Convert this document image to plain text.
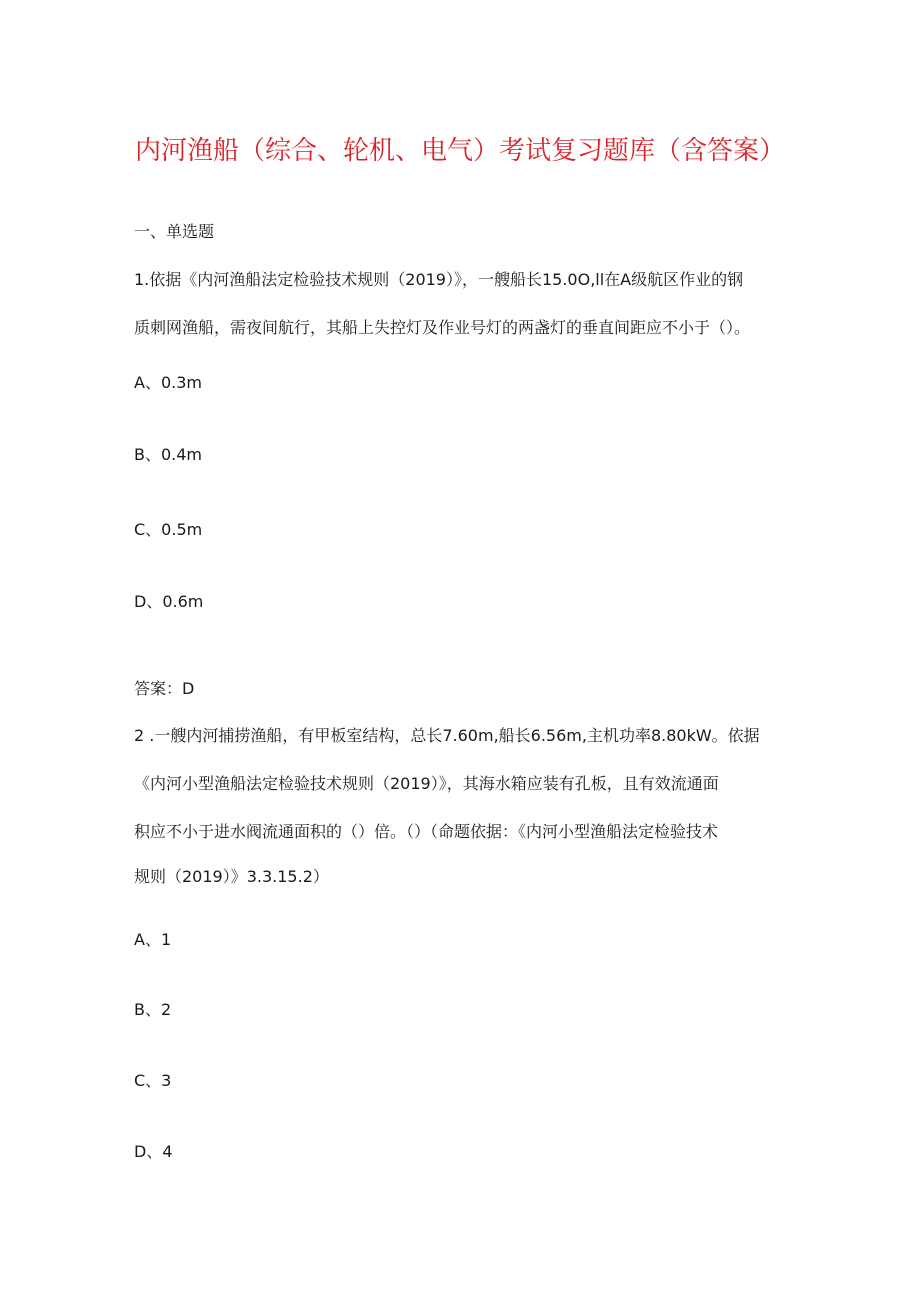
内河渔船（综合、轮机、电气）考试复习题库（含答案）
一、单选题
1.依据《内河渔船法定检验技术规则（2019）》，一艘船长15.0O,ll在A级航区作业的钢
质刺网渔船，需夜间航行，其船上失控灯及作业号灯的两盏灯的垂直间距应不小于（）。
A、0.3m
B、0.4m
C、0.5m
D、0.6m
答案：D
2 .一艘内河捕捞渔船，有甲板室结构，总长7.60m,船长6.56m,主机功率8.80kW。依据
《内河小型渔船法定检验技术规则（2019）》，其海水箱应装有孔板，且有效流通面
积应不小于进水阀流通面积的（）倍。（）（命题依据：《内河小型渔船法定检验技术
规则（2019）》3.3.15.2）
A、1
B、2
C、3
D、4
